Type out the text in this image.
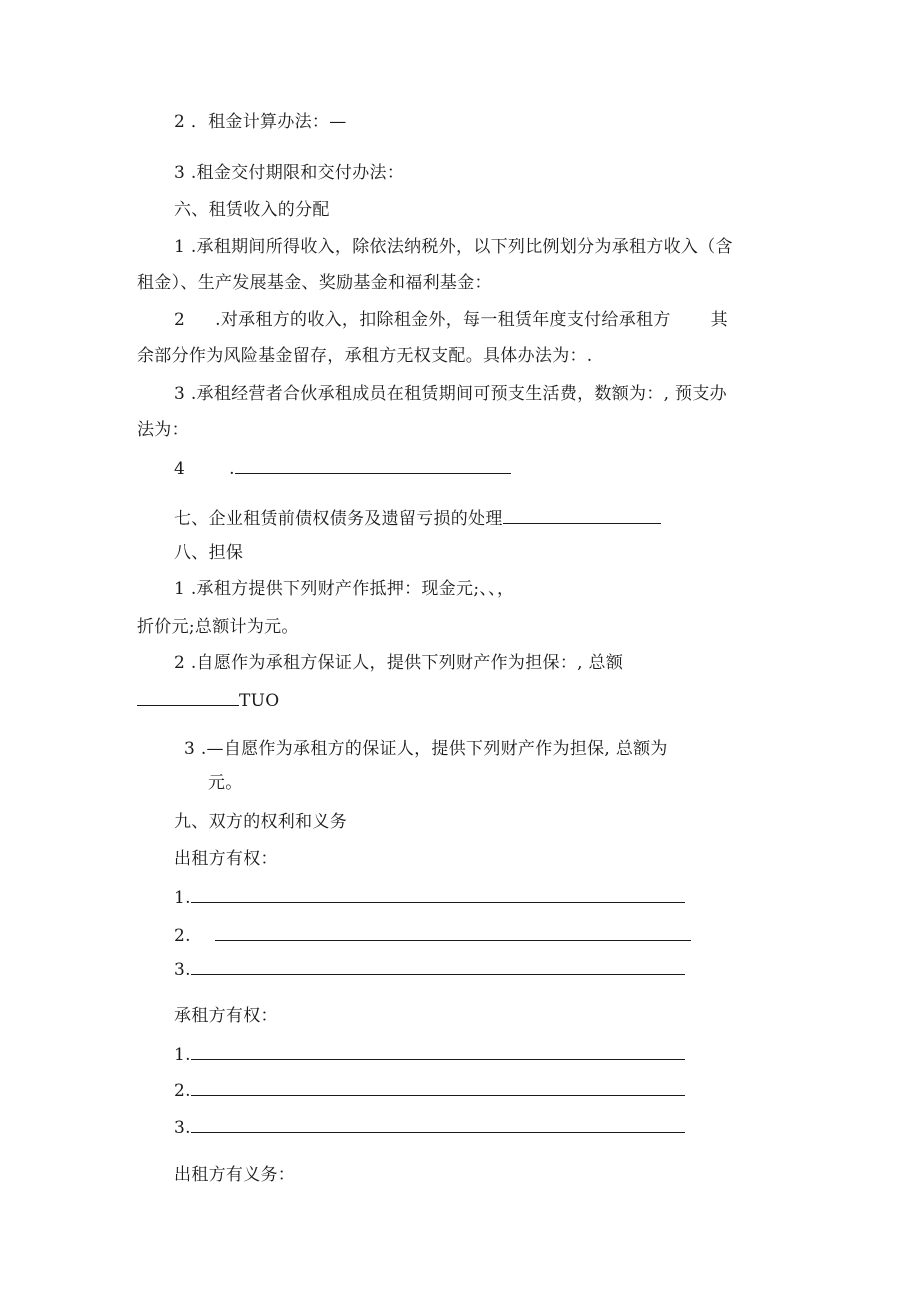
2 ．租金计算办法：—
3 .租金交付期限和交付办法：
六、租赁收入的分配
1 .承租期间所得收入，除依法纳税外，以下列比例划分为承租方收入（含
租金）、生产发展基金、奖励基金和福利基金：
2 .对承租方的收入，扣除租金外，每一租赁年度支付给承租方 其
余部分作为风险基金留存，承租方无权支配。具体办法为：.
3 .承租经营者合伙承租成员在租赁期间可预支生活费，数额为：, 预支办
法为：
4	.
七、企业租赁前债权债务及遗留亏损的处理
八、担保
1 .承租方提供下列财产作抵押：现金元;、、，
折价元;总额计为元。
2 .自愿作为承租方保证人，提供下列财产作为担保：, 总额
TUO
3 .—自愿作为承租方的保证人，提供下列财产作为担保, 总额为
元。
九、双方的权利和义务
出租方有权：
1.
2.
3.
承租方有权：
1.
2.
3.
出租方有义务：
